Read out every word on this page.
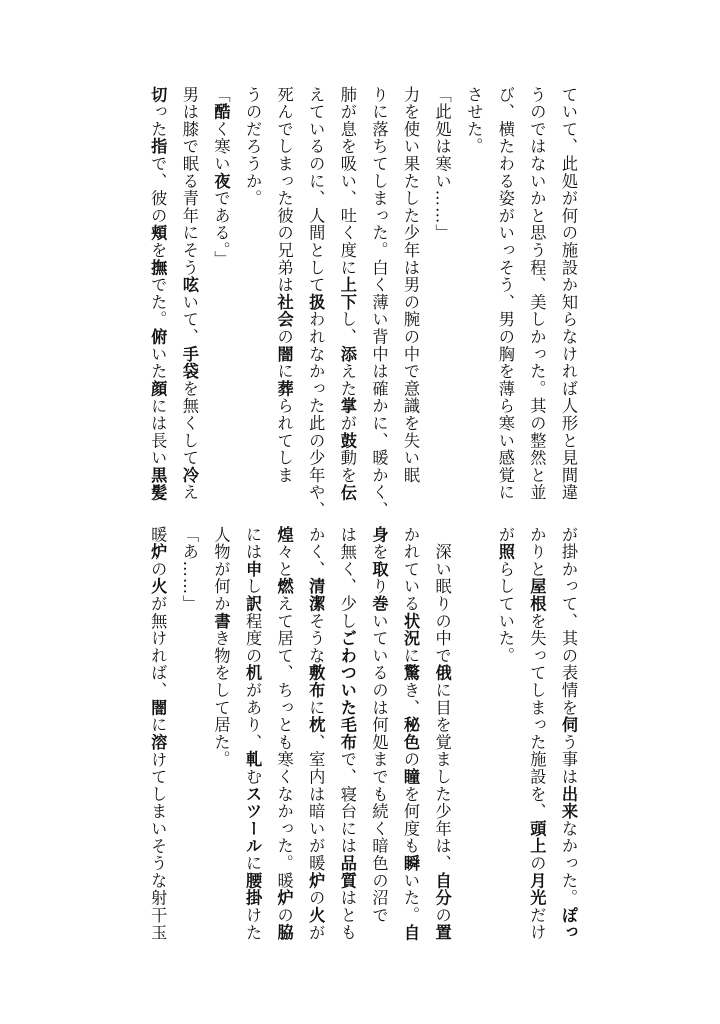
ていて、此処が何の施設か知らなければ人形と見間違
うのではないかと思う程、美しかった。其の整然と並
び、横たわる姿がいっそう、男の胸を薄ら寒い感覚に
させた。
「此処は寒い……」
力を使い果たした少年は男の腕の中で意識を失い眠
りに落ちてしまった。白く薄い背中は確かに、暖かく、
肺が息を吸い、吐く度に上下し、添えた掌が鼓動を伝
えているのに、人間として扱われなかった此の少年や、
死んでしまった彼の兄弟は社会の闇に葬られてしま
うのだろうか。
「酷く寒い夜である。」
男は膝で眠る青年にそう呟いて、手袋を無くして冷え
切った指で、彼の頬を撫でた。俯いた顔には長い黒髪
が掛かって、其の表情を伺う事は出来なかった。ぽっ
かりと屋根を失ってしまった施設を、頭上の月光だけ
が照らしていた。
　深い眠りの中で俄に目を覚ました少年は、自分の置
かれている状況に驚き、秘色の瞳を何度も瞬いた。自
身を取り巻いているのは何処までも続く暗色の沼で
は無く、少しごわついた毛布で、寝台には品質はとも
かく、清潔そうな敷布に枕、室内は暗いが暖炉の火が
煌々と燃えて居て、ちっとも寒くなかった。暖炉の脇
には申し訳程度の机があり、軋むスツールに腰掛けた
人物が何か書き物をして居た。
「あ……」
暖炉の火が無ければ、闇に溶けてしまいそうな射干玉
